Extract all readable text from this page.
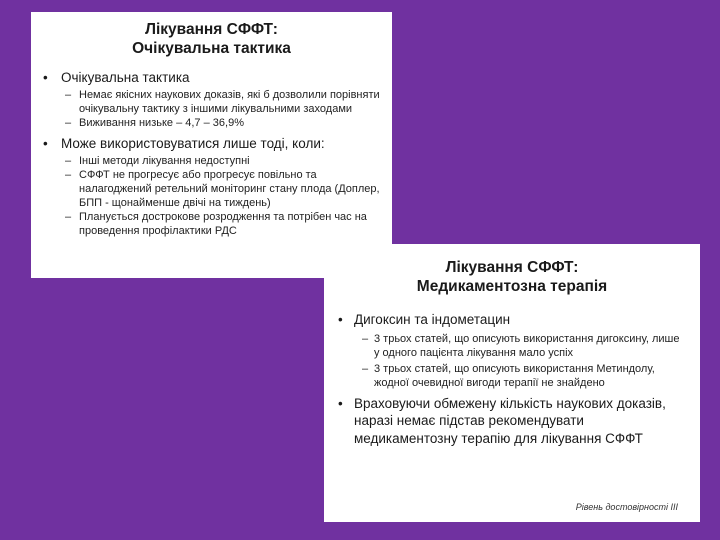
Лікування СФФТ:
Очікувальна тактика
• Очікувальна тактика
– Немає якісних наукових доказів, які б дозволили порівняти очікувальну тактику з іншими лікувальними заходами
– Виживання низьке – 4,7 – 36,9%
• Може використовуватися лише тоді, коли:
– Інші методи лікування недоступні
– СФФТ не прогресує або прогресує повільно та налагоджений ретельний моніторинг стану плода (Доплер, БПП - щонайменше двічі на тиждень)
– Планується дострокове розродження та потрібен час на проведення профілактики РДС
Лікування СФФТ:
Медикаментозна терапія
• Дигоксин та індометацин
– 3 трьох статей, що описують використання дигоксину, лише у одного пацієнта лікування мало успіх
– 3 трьох статей, що описують використання Метиндолу, жодної очевидної вигоди терапії не знайдено
• Враховуючи обмежену кількість наукових доказів, наразі немає підстав рекомендувати медикаментозну терапію для лікування СФФТ
Рівень достовірності III
